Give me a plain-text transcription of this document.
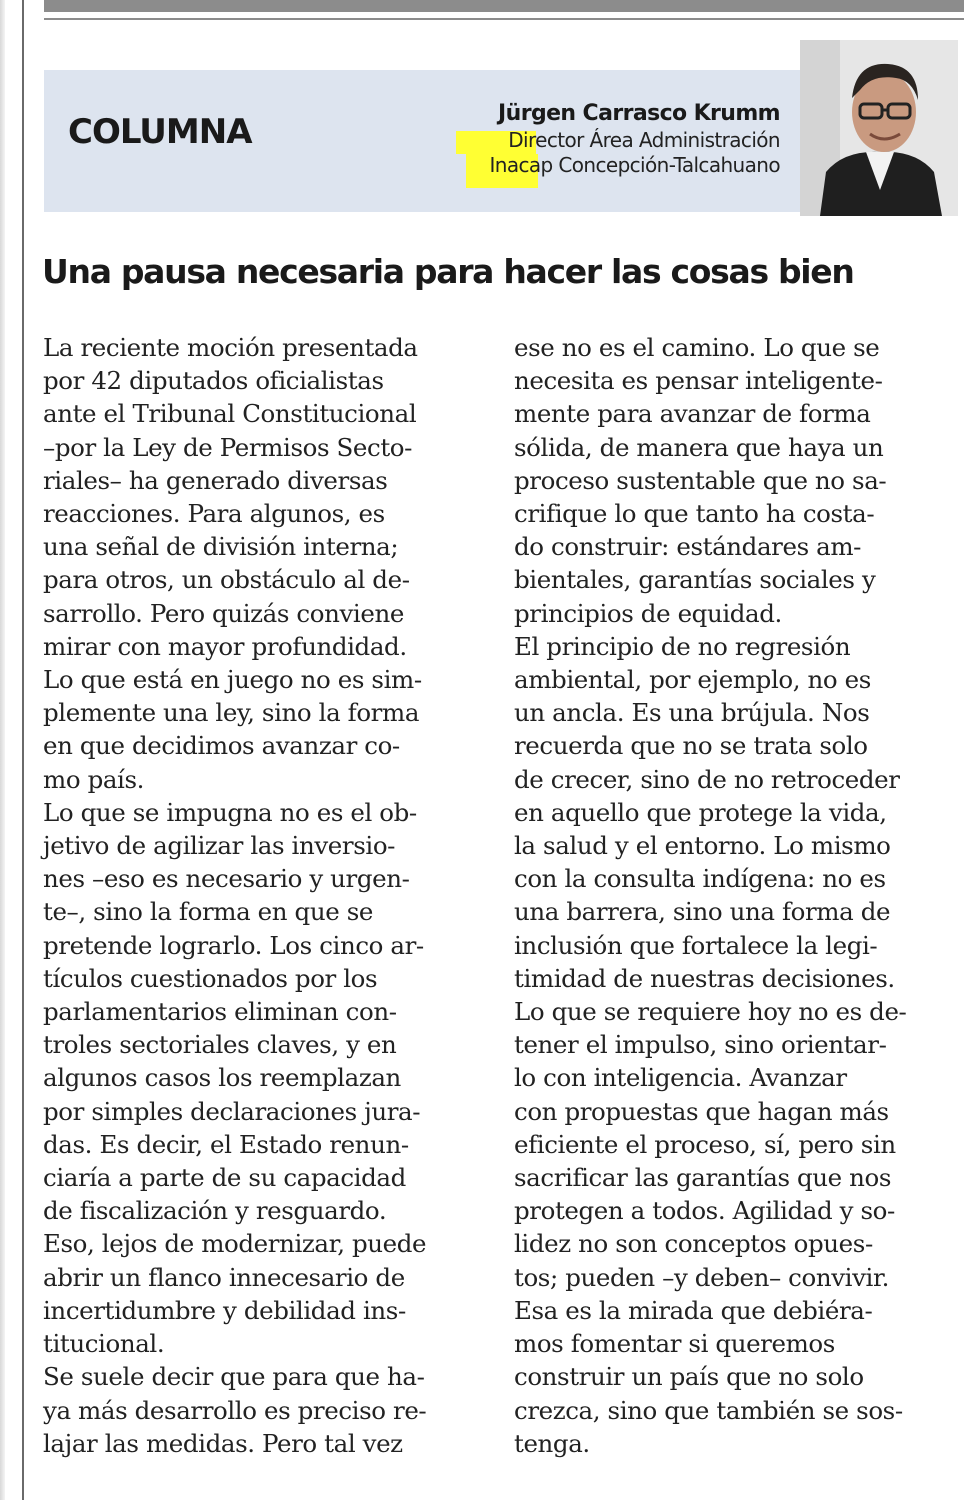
COLUMNA	Jürgen Carrasco Krumm
Director Área Administración
Inacap Concepción-Talcahuano
Una pausa necesaria para hacer las cosas bien
La reciente moción presentada
por 42 diputados oficialistas
ante el Tribunal Constitucional
–por la Ley de Permisos Secto-
riales– ha generado diversas
reacciones. Para algunos, es
una señal de división interna;
para otros, un obstáculo al de-
sarrollo. Pero quizás conviene
mirar con mayor profundidad.
Lo que está en juego no es sim-
plemente una ley, sino la forma
en que decidimos avanzar co-
mo país.
Lo que se impugna no es el ob-
jetivo de agilizar las inversio-
nes –eso es necesario y urgen-
te–, sino la forma en que se
pretende lograrlo. Los cinco ar-
tículos cuestionados por los
parlamentarios eliminan con-
troles sectoriales claves, y en
algunos casos los reemplazan
por simples declaraciones jura-
das. Es decir, el Estado renun-
ciaría a parte de su capacidad
de fiscalización y resguardo.
Eso, lejos de modernizar, puede
abrir un flanco innecesario de
incertidumbre y debilidad ins-
titucional.
Se suele decir que para que ha-
ya más desarrollo es preciso re-
lajar las medidas. Pero tal vez
ese no es el camino. Lo que se
necesita es pensar inteligente-
mente para avanzar de forma
sólida, de manera que haya un
proceso sustentable que no sa-
crifique lo que tanto ha costa-
do construir: estándares am-
bientales, garantías sociales y
principios de equidad.
El principio de no regresión
ambiental, por ejemplo, no es
un ancla. Es una brújula. Nos
recuerda que no se trata solo
de crecer, sino de no retroceder
en aquello que protege la vida,
la salud y el entorno. Lo mismo
con la consulta indígena: no es
una barrera, sino una forma de
inclusión que fortalece la legi-
timidad de nuestras decisiones.
Lo que se requiere hoy no es de-
tener el impulso, sino orientar-
lo con inteligencia. Avanzar
con propuestas que hagan más
eficiente el proceso, sí, pero sin
sacrificar las garantías que nos
protegen a todos. Agilidad y so-
lidez no son conceptos opues-
tos; pueden –y deben– convivir.
Esa es la mirada que debiéra-
mos fomentar si queremos
construir un país que no solo
crezca, sino que también se sos-
tenga.
